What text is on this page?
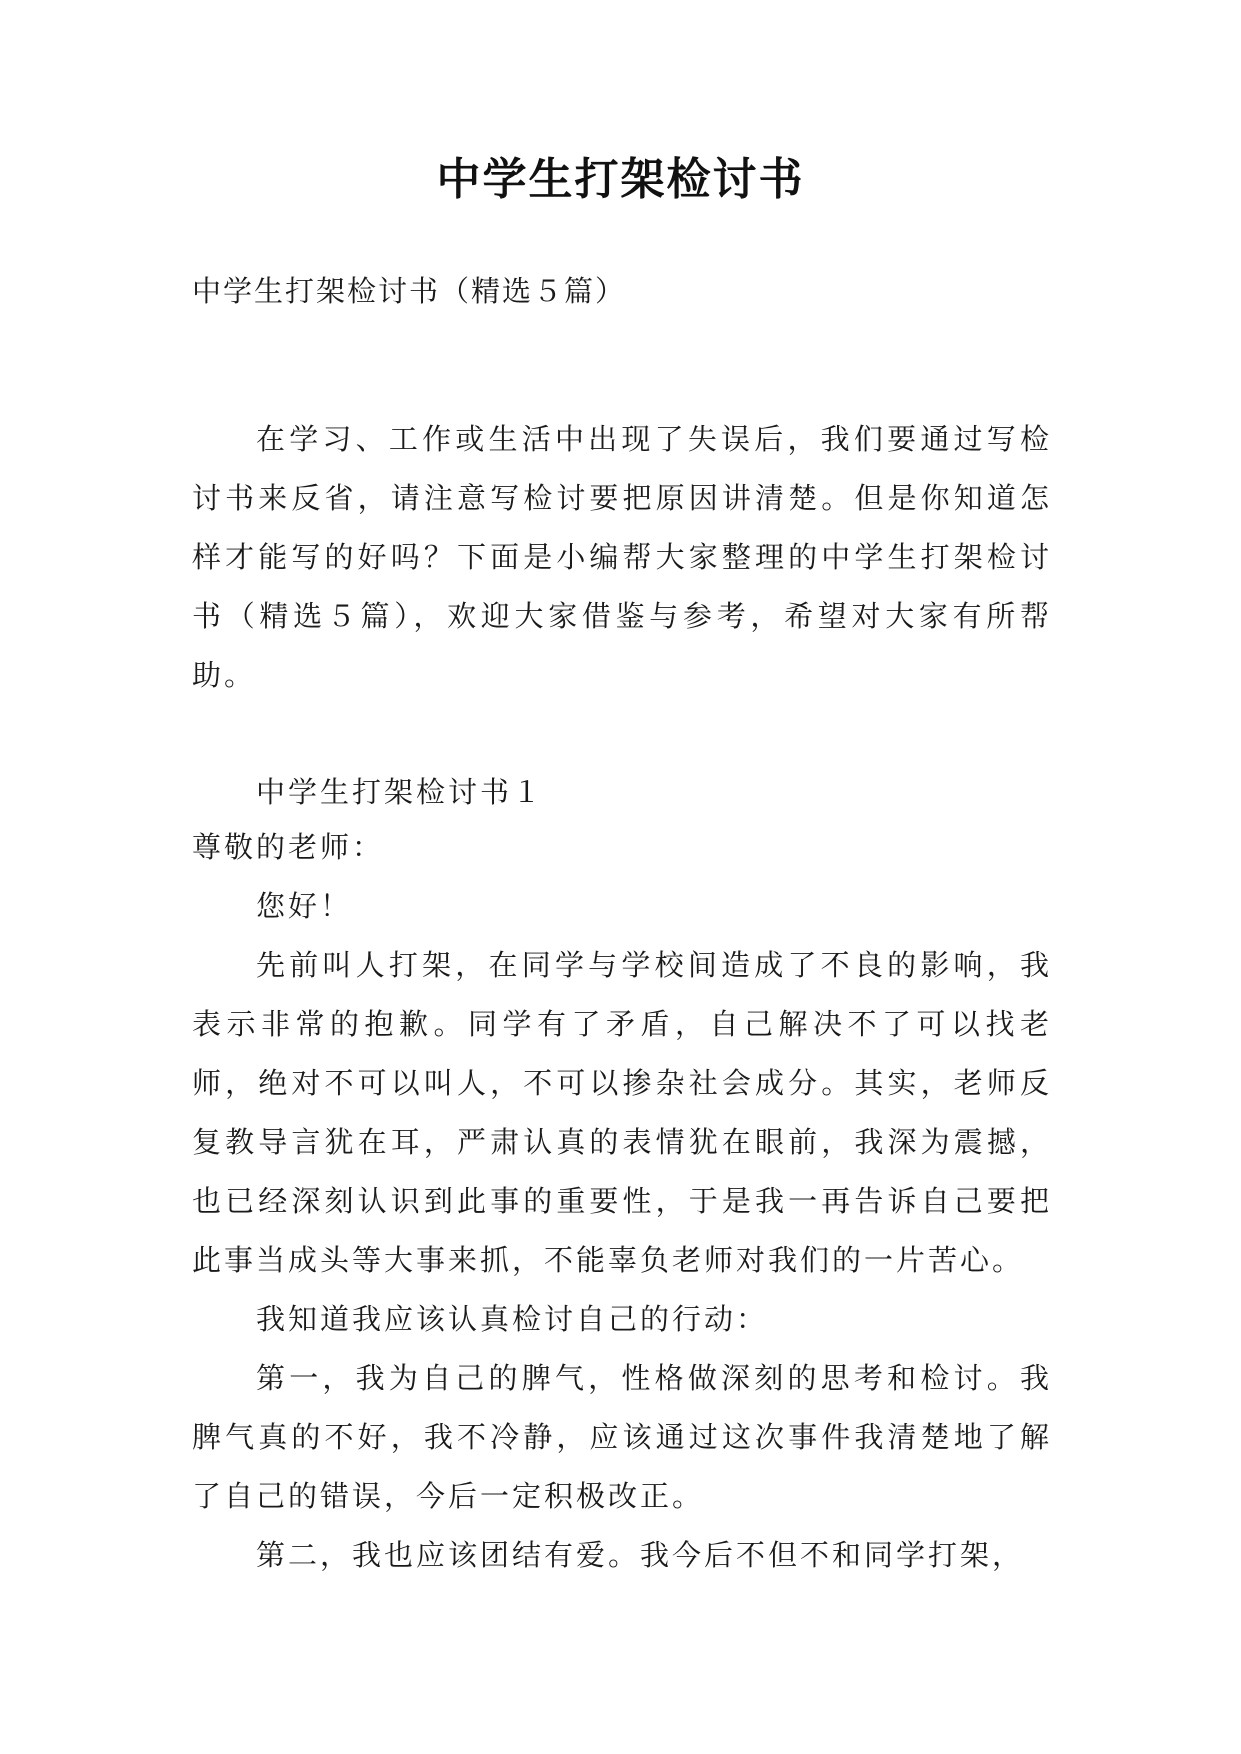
中学生打架检讨书
中学生打架检讨书（精选５篇）

在学习、工作或生活中出现了失误后，我们要通过写检讨书来反省，请注意写检讨要把原因讲清楚。但是你知道怎样才能写的好吗？下面是小编帮大家整理的中学生打架检讨书（精选５篇），欢迎大家借鉴与参考，希望对大家有所帮助。

中学生打架检讨书１

尊敬的老师：

您好！

先前叫人打架，在同学与学校间造成了不良的影响，我表示非常的抱歉。同学有了矛盾，自己解决不了可以找老师，绝对不可以叫人，不可以掺杂社会成分。其实，老师反复教导言犹在耳，严肃认真的表情犹在眼前，我深为震撼，也已经深刻认识到此事的重要性，于是我一再告诉自己要把此事当成头等大事来抓，不能辜负老师对我们的一片苦心。

我知道我应该认真检讨自己的行动：

第一，我为自己的脾气，性格做深刻的思考和检讨。我脾气真的不好，我不冷静，应该通过这次事件我清楚地了解了自己的错误，今后一定积极改正。

第二，我也应该团结有爱。我今后不但不和同学打架，
